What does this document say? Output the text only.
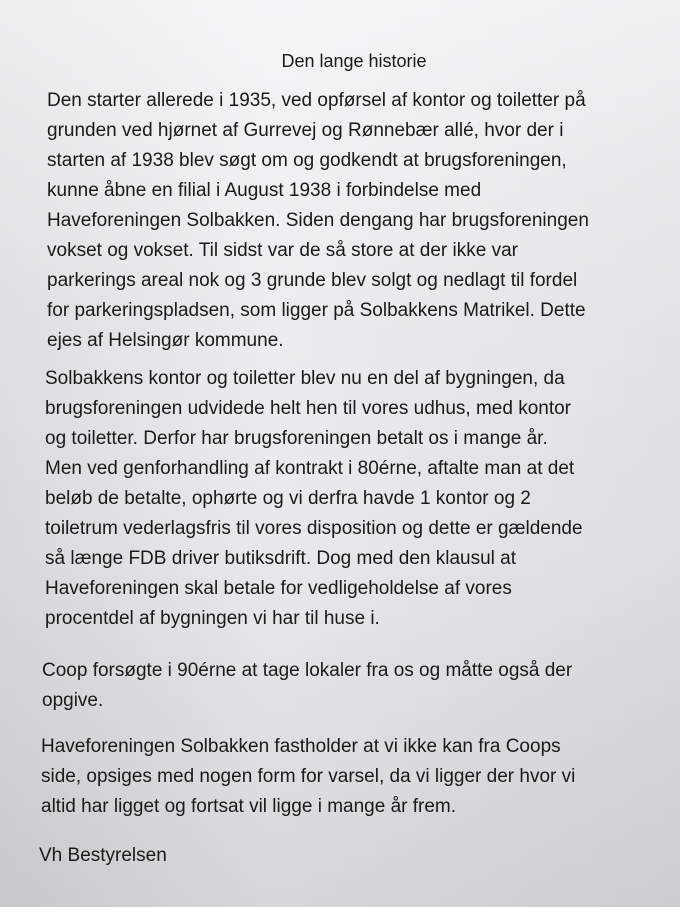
Den lange historie

Den starter allerede i 1935, ved opførsel af kontor og toiletter på
grunden ved hjørnet af Gurrevej og Rønnebær allé, hvor der i
starten af 1938 blev søgt om og godkendt at brugsforeningen,
kunne åbne en filial i August 1938 i forbindelse med
Haveforeningen Solbakken. Siden dengang har brugsforeningen
vokset og vokset. Til sidst var de så store at der ikke var
parkerings areal nok og 3 grunde blev solgt og nedlagt til fordel
for parkeringspladsen, som ligger på Solbakkens Matrikel. Dette
ejes af Helsingør kommune.

Solbakkens kontor og toiletter blev nu en del af bygningen, da
brugsforeningen udvidede helt hen til vores udhus, med kontor
og toiletter. Derfor har brugsforeningen betalt os i mange år.
Men ved genforhandling af kontrakt i 80érne, aftalte man at det
beløb de betalte, ophørte og vi derfra havde 1 kontor og 2
toiletrum vederlagsfris til vores disposition og dette er gældende
så længe FDB driver butiksdrift. Dog med den klausul at
Haveforeningen skal betale for vedligeholdelse af vores
procentdel af bygningen vi har til huse i.

Coop forsøgte i 90érne at tage lokaler fra os og måtte også der
opgive.

Haveforeningen Solbakken fastholder at vi ikke kan fra Coops
side, opsiges med nogen form for varsel, da vi ligger der hvor vi
altid har ligget og fortsat vil ligge i mange år frem.

Vh Bestyrelsen
